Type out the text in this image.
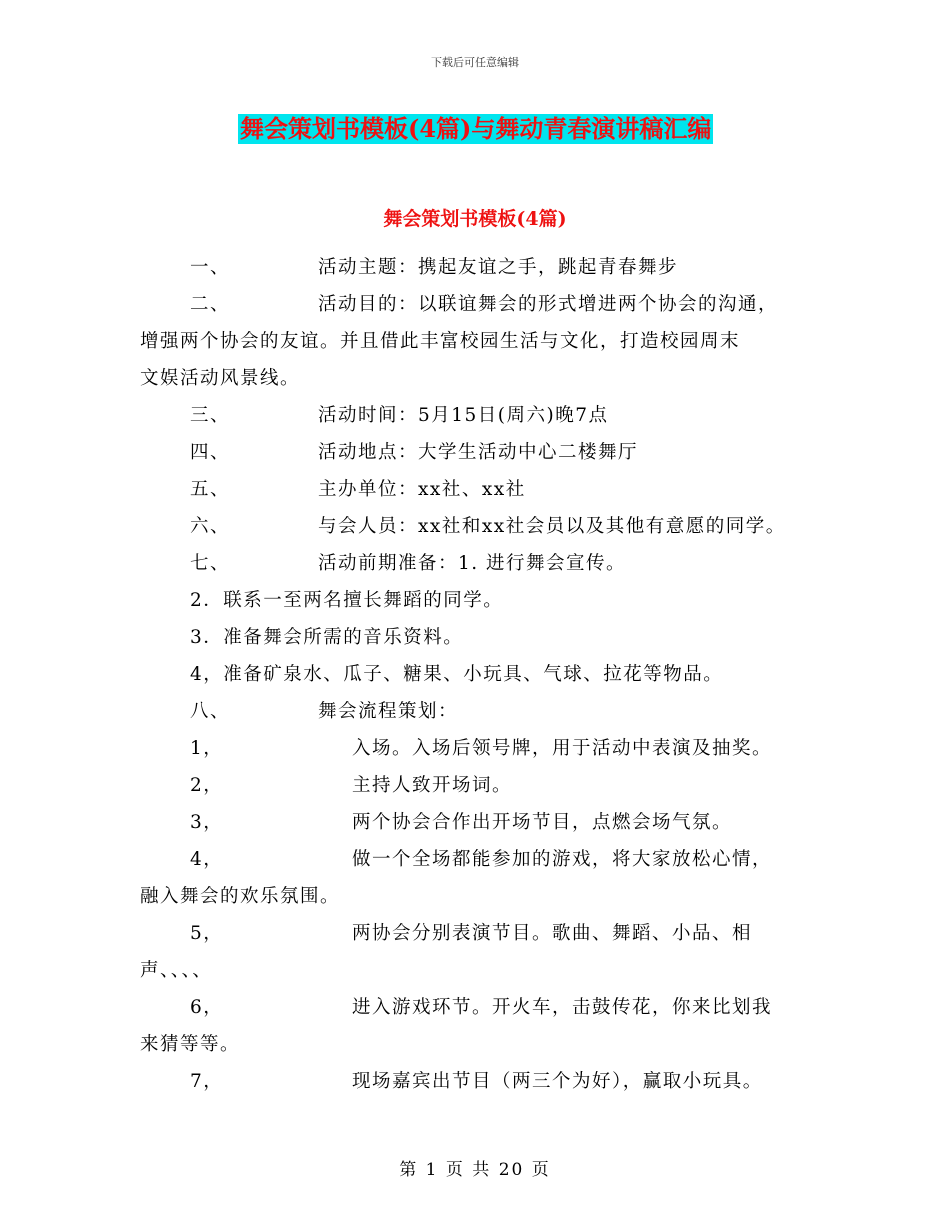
下载后可任意编辑
舞会策划书模板(4篇)与舞动青春演讲稿汇编
舞会策划书模板(4篇)
一、	活动主题：携起友谊之手，跳起青春舞步
二、	活动目的：以联谊舞会的形式增进两个协会的沟通，
增强两个协会的友谊。并且借此丰富校园生活与文化，打造校园周末
文娱活动风景线。
三、	活动时间：5月15日(周六)晚7点
四、	活动地点：大学生活动中心二楼舞厅
五、	主办单位：xx社、xx社
六、	与会人员：xx社和xx社会员以及其他有意愿的同学。
七、	活动前期准备：1. 进行舞会宣传。
2．联系一至两名擅长舞蹈的同学。
3．准备舞会所需的音乐资料。
4，准备矿泉水、瓜子、糖果、小玩具、气球、拉花等物品。
八、	舞会流程策划：
1，	入场。入场后领号牌，用于活动中表演及抽奖。
2，	主持人致开场词。
3，	两个协会合作出开场节目，点燃会场气氛。
4，	做一个全场都能参加的游戏，将大家放松心情，
融入舞会的欢乐氛围。
5，	两协会分别表演节目。歌曲、舞蹈、小品、相
声、、、、
6，	进入游戏环节。开火车，击鼓传花，你来比划我
来猜等等。
7，	现场嘉宾出节目（两三个为好），赢取小玩具。
第 1 页 共 20 页
